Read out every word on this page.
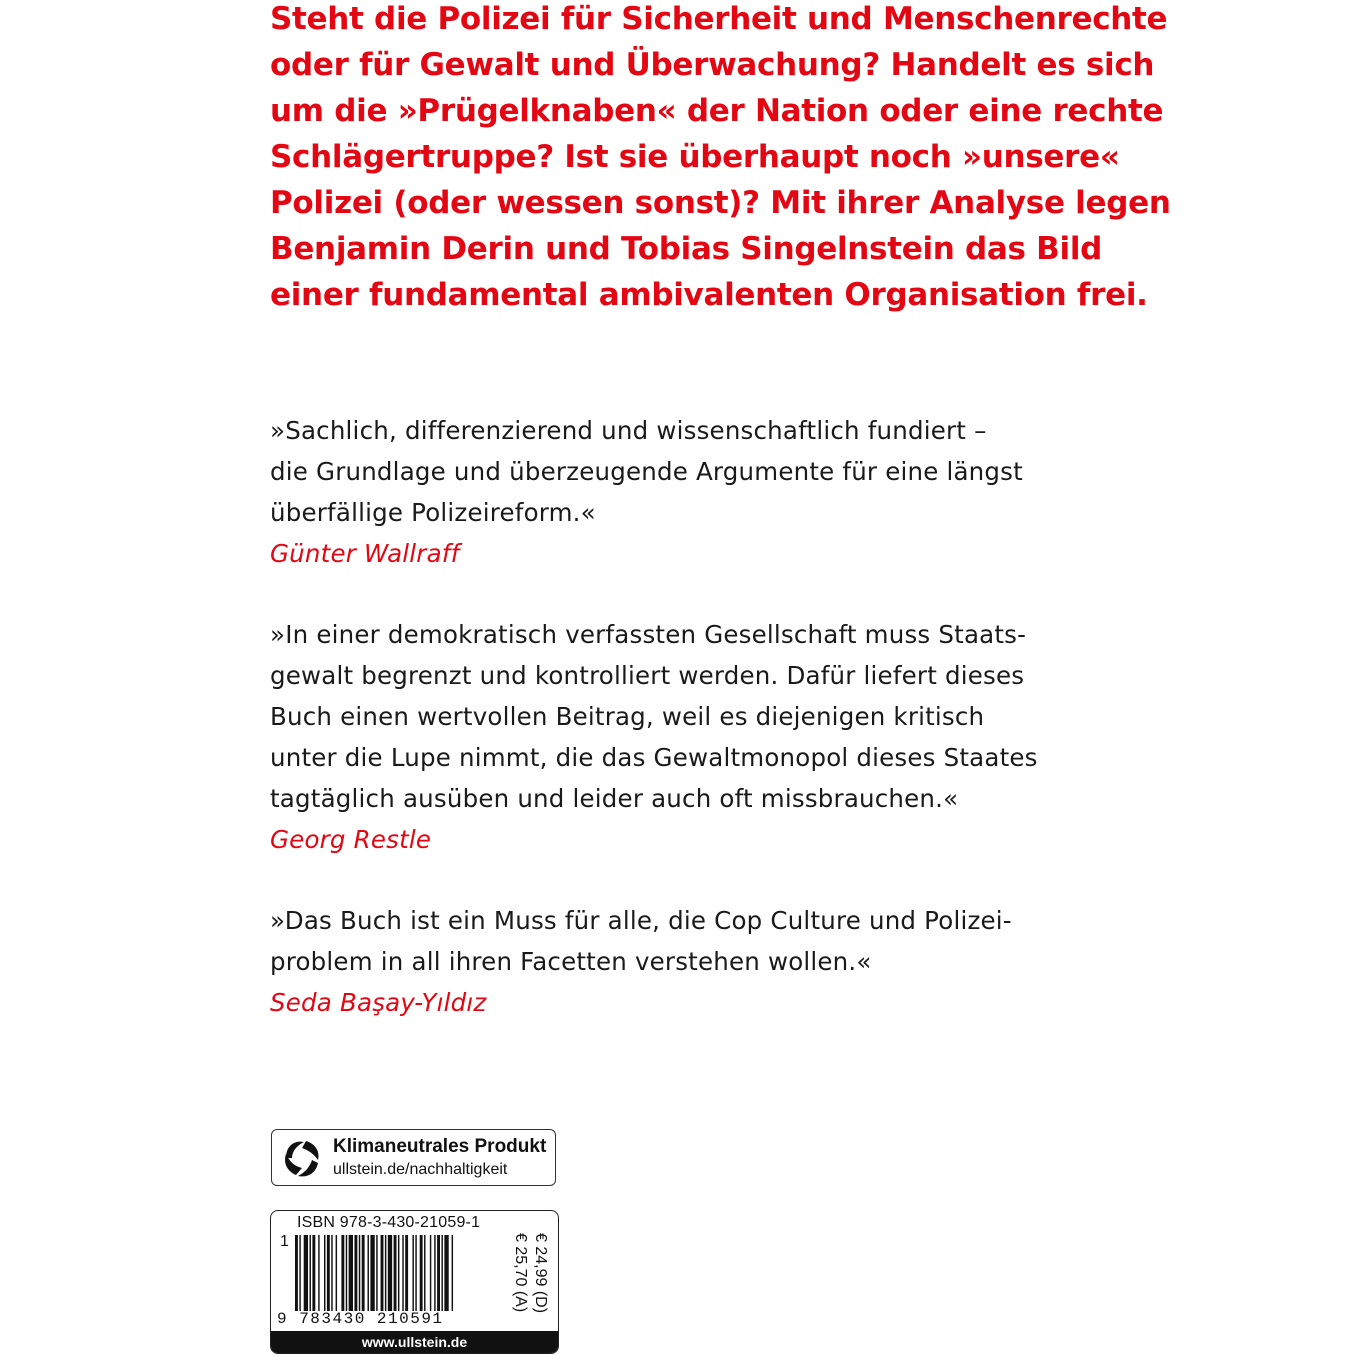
Steht die Polizei für Sicherheit und Menschenrechte
oder für Gewalt und Überwachung? Handelt es sich
um die »Prügelknaben« der Nation oder eine rechte
Schlägertruppe? Ist sie überhaupt noch »unsere«
Polizei (oder wessen sonst)? Mit ihrer Analyse legen
Benjamin Derin und Tobias Singelnstein das Bild
einer fundamental ambivalenten Organisation frei.

»Sachlich, differenzierend und wissenschaftlich fundiert –
die Grundlage und überzeugende Argumente für eine längst
überfällige Polizeireform.«
Günter Wallraff
»In einer demokratisch verfassten Gesellschaft muss Staats-
gewalt begrenzt und kontrolliert werden. Dafür liefert dieses
Buch einen wertvollen Beitrag, weil es diejenigen kritisch
unter die Lupe nimmt, die das Gewaltmonopol dieses Staates
tagtäglich ausüben und leider auch oft missbrauchen.«
Georg Restle
»Das Buch ist ein Muss für alle, die Cop Culture und Polizei-
problem in all ihren Facetten verstehen wollen.«
Seda Başay-Yıldız
Klimaneutrales Produkt
ullstein.de/nachhaltigkeit
ISBN 978-3-430-21059-1
1
9 783430 210591
€ 24,99 (D)
€ 25,70 (A)
www.ullstein.de
